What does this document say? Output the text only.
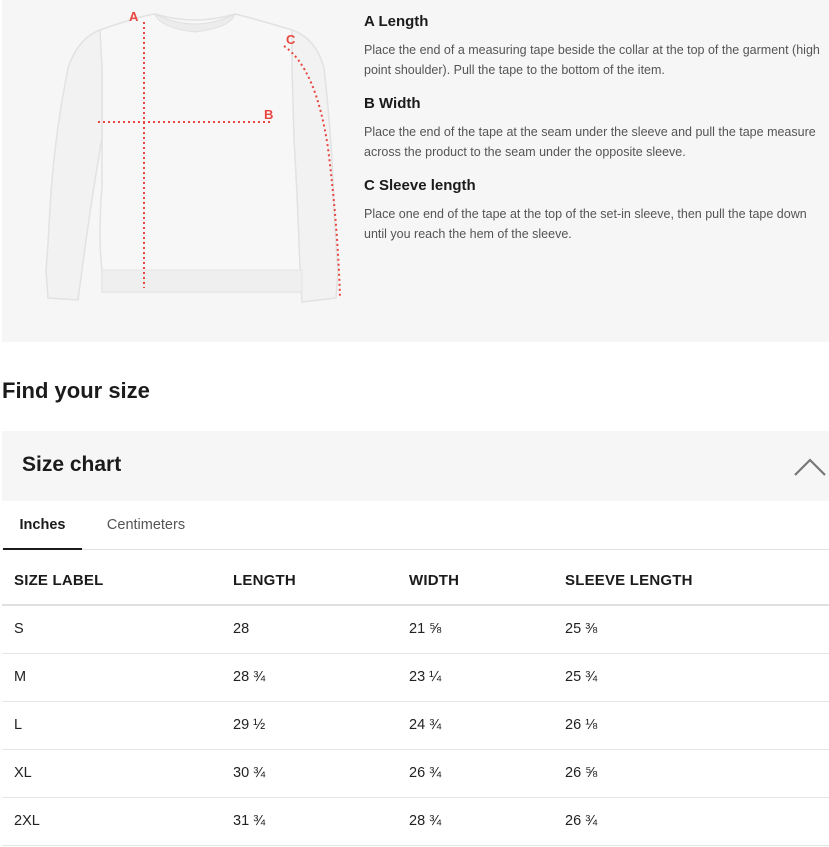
A
B
C
A Length

Place the end of a measuring tape beside the collar at the top of the garment (high point shoulder). Pull the tape to the bottom of the item.

B Width

Place the end of the tape at the seam under the sleeve and pull the tape measure across the product to the seam under the opposite sleeve.

C Sleeve length

Place one end of the tape at the top of the set-in sleeve, then pull the tape down until you reach the hem of the sleeve.

Find your size
Size chart
Inches	Centimeters
SIZE LABEL	LENGTH	WIDTH	SLEEVE LENGTH
S	28	21 ⅝	25 ⅜
M	28 ¾	23 ¼	25 ¾
L	29 ½	24 ¾	26 ⅛
XL	30 ¾	26 ¾	26 ⅝
2XL	31 ¾	28 ¾	26 ¾
